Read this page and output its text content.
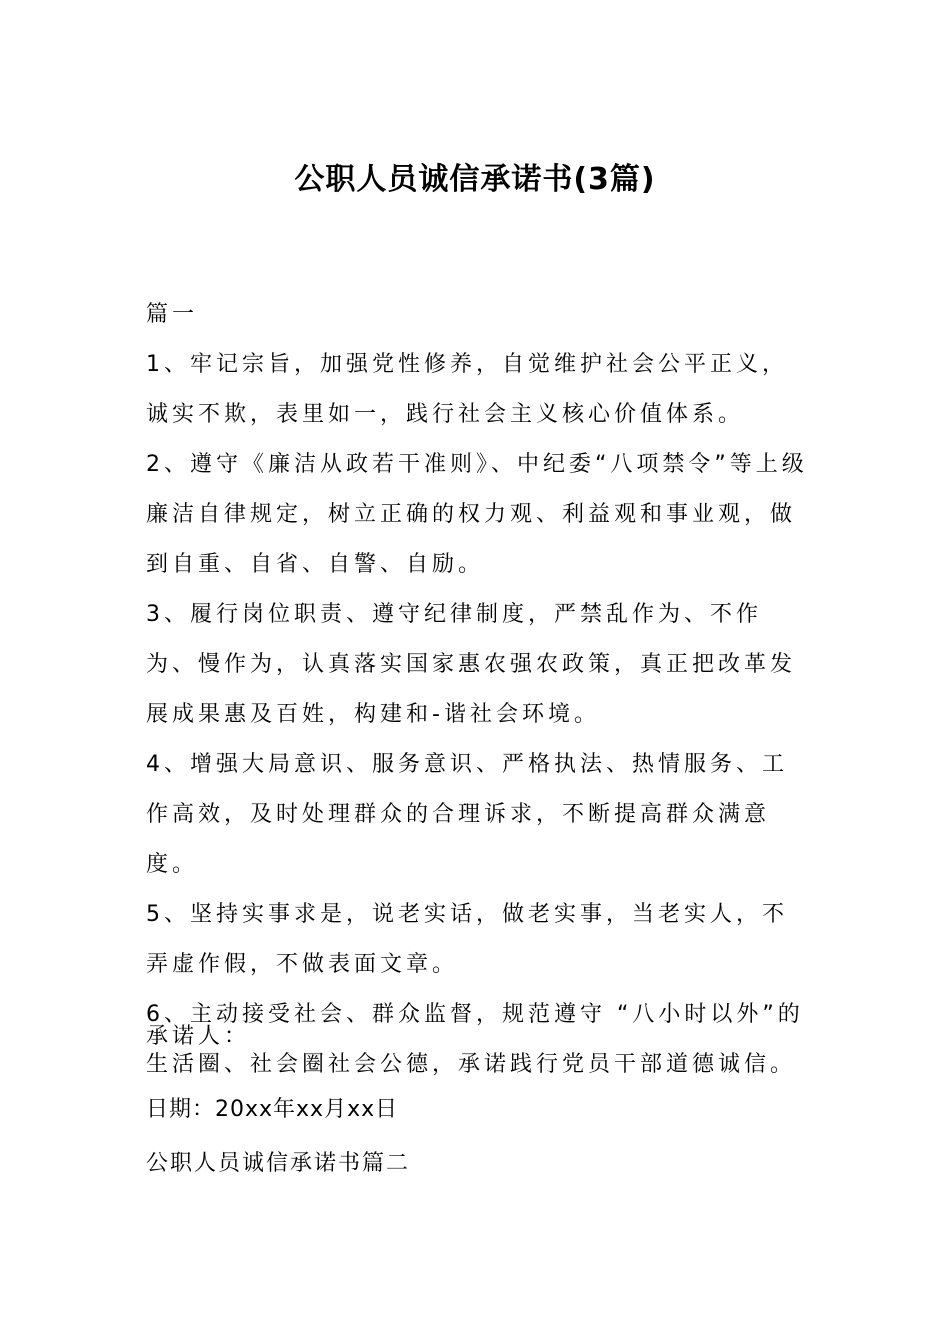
公职人员诚信承诺书(3篇)
篇一

1、牢记宗旨，加强党性修养，自觉维护社会公平正义，诚实不欺，表里如一，践行社会主义核心价值体系。

2、遵守《廉洁从政若干准则》、中纪委“八项禁令”等上级廉洁自律规定，树立正确的权力观、利益观和事业观，做到自重、自省、自警、自励。

3、履行岗位职责、遵守纪律制度，严禁乱作为、不作为、慢作为，认真落实国家惠农强农政策，真正把改革发展成果惠及百姓，构建和-谐社会环境。

4、增强大局意识、服务意识、严格执法、热情服务、工作高效，及时处理群众的合理诉求，不断提高群众满意度。

5、坚持实事求是，说老实话，做老实事，当老实人，不弄虚作假，不做表面文章。

6、主动接受社会、群众监督，规范遵守 “八小时以外”的生活圈、社会圈社会公德，承诺践行党员干部道德诚信。

承诺人：
日期：20xx年xx月xx日
公职人员诚信承诺书篇二
